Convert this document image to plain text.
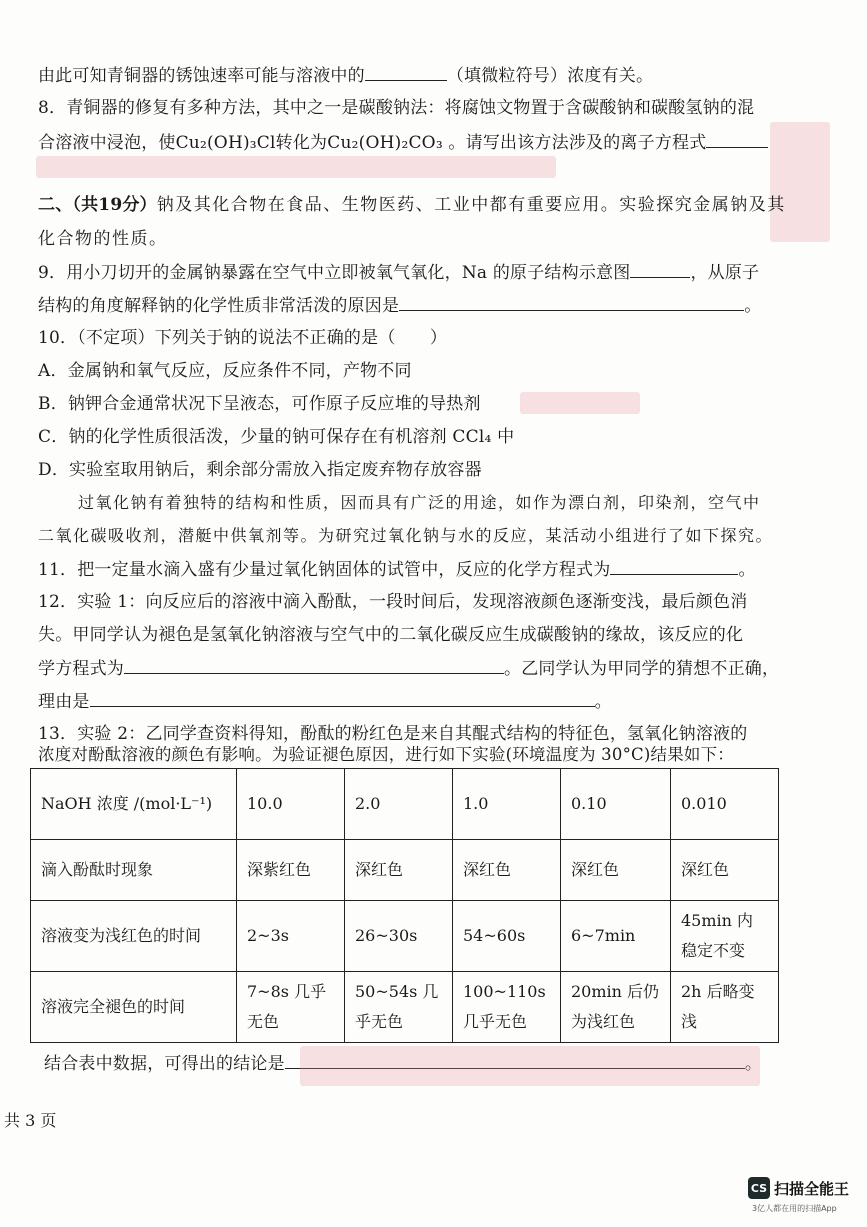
由此可知青铜器的锈蚀速率可能与溶液中的	（填微粒符号）浓度有关。
8．青铜器的修复有多种方法，其中之一是碳酸钠法：将腐蚀文物置于含碳酸钠和碳酸氢钠的混
合溶液中浸泡，使Cu₂(OH)₃Cl转化为Cu₂(OH)₂CO₃ 。请写出该方法涉及的离子方程式
二、（共19分）钠及其化合物在食品、生物医药、工业中都有重要应用。实验探究金属钠及其
化合物的性质。
9．用小刀切开的金属钠暴露在空气中立即被氧气氧化，Na 的原子结构示意图	，从原子
结构的角度解释钠的化学性质非常活泼的原因是	。
10．（不定项）下列关于钠的说法不正确的是（　　）
A．金属钠和氧气反应，反应条件不同，产物不同
B．钠钾合金通常状况下呈液态，可作原子反应堆的导热剂
C．钠的化学性质很活泼，少量的钠可保存在有机溶剂 CCl₄ 中
D．实验室取用钠后，剩余部分需放入指定废弃物存放容器
过氧化钠有着独特的结构和性质，因而具有广泛的用途，如作为漂白剂，印染剂，空气中
二氧化碳吸收剂，潜艇中供氧剂等。为研究过氧化钠与水的反应，某活动小组进行了如下探究。
11．把一定量水滴入盛有少量过氧化钠固体的试管中，反应的化学方程式为	。
12．实验 1：向反应后的溶液中滴入酚酞，一段时间后，发现溶液颜色逐渐变浅，最后颜色消
失。甲同学认为褪色是氢氧化钠溶液与空气中的二氧化碳反应生成碳酸钠的缘故，该反应的化
学方程式为	。乙同学认为甲同学的猜想不正确，
理由是	。
13．实验 2：乙同学查资料得知，酚酞的粉红色是来自其醌式结构的特征色，氢氧化钠溶液的
浓度对酚酞溶液的颜色有影响。为验证褪色原因，进行如下实验(环境温度为 30°C)结果如下：
NaOH 浓度 /(mol·L⁻¹)	10.0	2.0	1.0	0.10	0.010
滴入酚酞时现象	深紫红色	深红色	深红色	深红色	深红色
溶液变为浅红色的时间	2~3s	26~30s	54~60s	6~7min	45min 内稳定不变
溶液完全褪色的时间	7~8s 几乎无色	50~54s 几乎无色	100~110s 几乎无色	20min 后仍为浅红色	2h 后略变浅
结合表中数据，可得出的结论是	。
共 3 页
CS 扫描全能王
3亿人都在用的扫描App
